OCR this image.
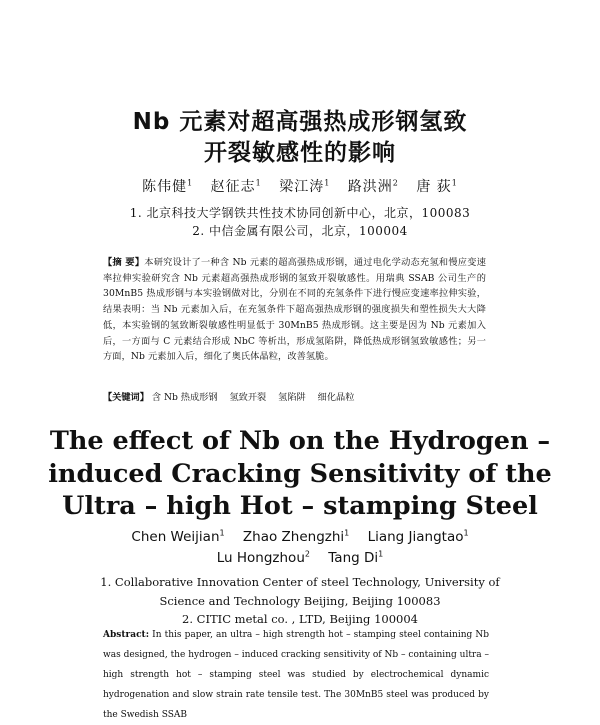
Nb 元素对超高强热成形钢氢致
开裂敏感性的影响
陈伟健$^1$ 赵征志$^1$ 梁江涛$^1$ 路洪洲$^2$ 唐 荻$^1$
1. 北京科技大学钢铁共性技术协同创新中心，北京，100083
2. 中信金属有限公司，北京，100004
【摘 要】本研究设计了一种含 Nb 元素的超高强热成形钢，通过电化学动态充氢和慢应变速率拉伸实验研究含 Nb 元素超高强热成形钢的氢致开裂敏感性。用瑞典 SSAB 公司生产的 30MnB5 热成形钢与本实验钢做对比，分别在不同的充氢条件下进行慢应变速率拉伸实验，结果表明：当 Nb 元素加入后，在充氢条件下超高强热成形钢的强度损失和塑性损失大大降低，本实验钢的氢致断裂敏感性明显低于 30MnB5 热成形钢。这主要是因为 Nb 元素加入后，一方面与 C 元素结合形成 NbC 等析出，形成氢陷阱，降低热成形钢氢致敏感性；另一方面，Nb 元素加入后，细化了奥氏体晶粒，改善氢脆。
【关键词】 含 Nb 热成形钢 氢致开裂 氢陷阱 细化晶粒
The effect of Nb on the Hydrogen –
induced Cracking Sensitivity of the
Ultra – high Hot – stamping Steel
Chen Weijian$^1$ Zhao Zhengzhi$^1$ Liang Jiangtao$^1$
Lu Hongzhou$^2$ Tang Di$^1$
1. Collaborative Innovation Center of steel Technology, University of
Science and Technology Beijing, Beijing 100083
2. CITIC metal co. , LTD, Beijing 100004
Abstract: In this paper, an ultra – high strength hot – stamping steel containing Nb was designed, the hydrogen – induced cracking sensitivity of Nb – containing ultra – high strength hot – stamping steel was studied by electrochemical dynamic hydrogenation and slow strain rate tensile test. The 30MnB5 steel was produced by the Swedish SSAB
